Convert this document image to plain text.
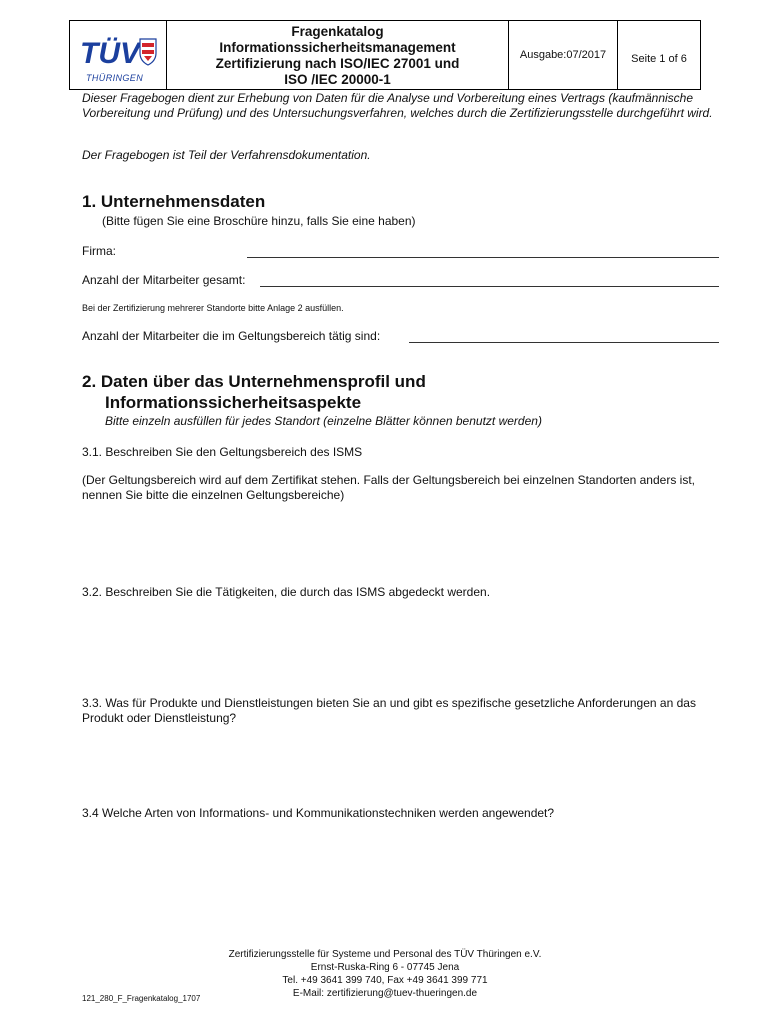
TÜV
THÜRINGEN
Fragenkatalog
Informationssicherheitsmanagement
Zertifizierung nach ISO/IEC 27001 und
ISO /IEC 20000-1
Ausgabe:07/2017	Seite 1 of 6
Dieser Fragebogen dient zur Erhebung von Daten für die Analyse und Vorbereitung eines Vertrags (kaufmännische Vorbereitung und Prüfung) und des Untersuchungsverfahren, welches durch die Zertifizierungsstelle durchgeführt wird.
Der Fragebogen ist Teil der Verfahrensdokumentation.
1. Unternehmensdaten
(Bitte fügen Sie eine Broschüre hinzu, falls Sie eine haben)
Firma:
Anzahl der Mitarbeiter gesamt:
Bei der Zertifizierung mehrerer Standorte bitte Anlage 2 ausfüllen.
Anzahl der Mitarbeiter die im Geltungsbereich tätig sind:
2. Daten über das Unternehmensprofil und
Informationssicherheitsaspekte
Bitte einzeln ausfüllen für jedes Standort (einzelne Blätter können benutzt werden)
3.1. Beschreiben Sie den Geltungsbereich des ISMS
(Der Geltungsbereich wird auf dem Zertifikat stehen. Falls der Geltungsbereich bei einzelnen Standorten anders ist, nennen Sie bitte die einzelnen Geltungsbereiche)
3.2. Beschreiben Sie die Tätigkeiten, die durch das ISMS abgedeckt werden.
3.3. Was für Produkte und Dienstleistungen bieten Sie an und gibt es spezifische gesetzliche Anforderungen an das Produkt oder Dienstleistung?
3.4 Welche Arten von Informations- und Kommunikationstechniken werden angewendet?
Zertifizierungsstelle für Systeme und Personal des TÜV Thüringen e.V.
Ernst-Ruska-Ring 6 - 07745 Jena
Tel. +49 3641 399 740, Fax +49 3641 399 771
E-Mail: zertifizierung@tuev-thueringen.de
121_280_F_Fragenkatalog_1707
